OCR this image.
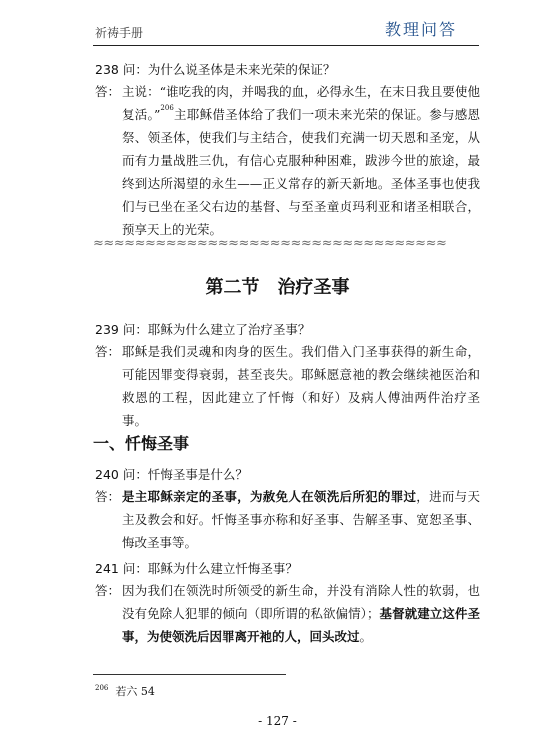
祈祷手册	教理问答
238 问：为什么说圣体是未来光荣的保证？
答： 主说：“谁吃我的肉，并喝我的血，必得永生，在末日我且要使他复活。”$^{206}$主耶稣借圣体给了我们一项未来光荣的保证。参与感恩祭、领圣体，使我们与主结合，使我们充满一切天恩和圣宠，从而有力量战胜三仇，有信心克服种种困难，跋涉今世的旅途，最终到达所渴望的永生——正义常存的新天新地。圣体圣事也使我们与已坐在圣父右边的基督、与至圣童贞玛利亚和诸圣相联合，预享天上的光荣。
≈≈≈≈≈≈≈≈≈≈≈≈≈≈≈≈≈≈≈≈≈≈≈≈≈≈≈≈≈≈≈≈≈≈
第二节　治疗圣事
239 问：耶稣为什么建立了治疗圣事？
答： 耶稣是我们灵魂和肉身的医生。我们借入门圣事获得的新生命，可能因罪变得衰弱，甚至丧失。耶稣愿意祂的教会继续祂医治和救恩的工程，因此建立了忏悔（和好）及病人傅油两件治疗圣事。
一、忏悔圣事
240 问：忏悔圣事是什么？
答： 是主耶稣亲定的圣事，为赦免人在领洗后所犯的罪过，进而与天主及教会和好。忏悔圣事亦称和好圣事、告解圣事、宽恕圣事、悔改圣事等。
241 问：耶稣为什么建立忏悔圣事？
答： 因为我们在领洗时所领受的新生命，并没有消除人性的软弱，也没有免除人犯罪的倾向（即所谓的私欲偏情）；基督就建立这件圣事，为使领洗后因罪离开祂的人，回头改过。
$^{206}$ 若六 54
- 127 -
